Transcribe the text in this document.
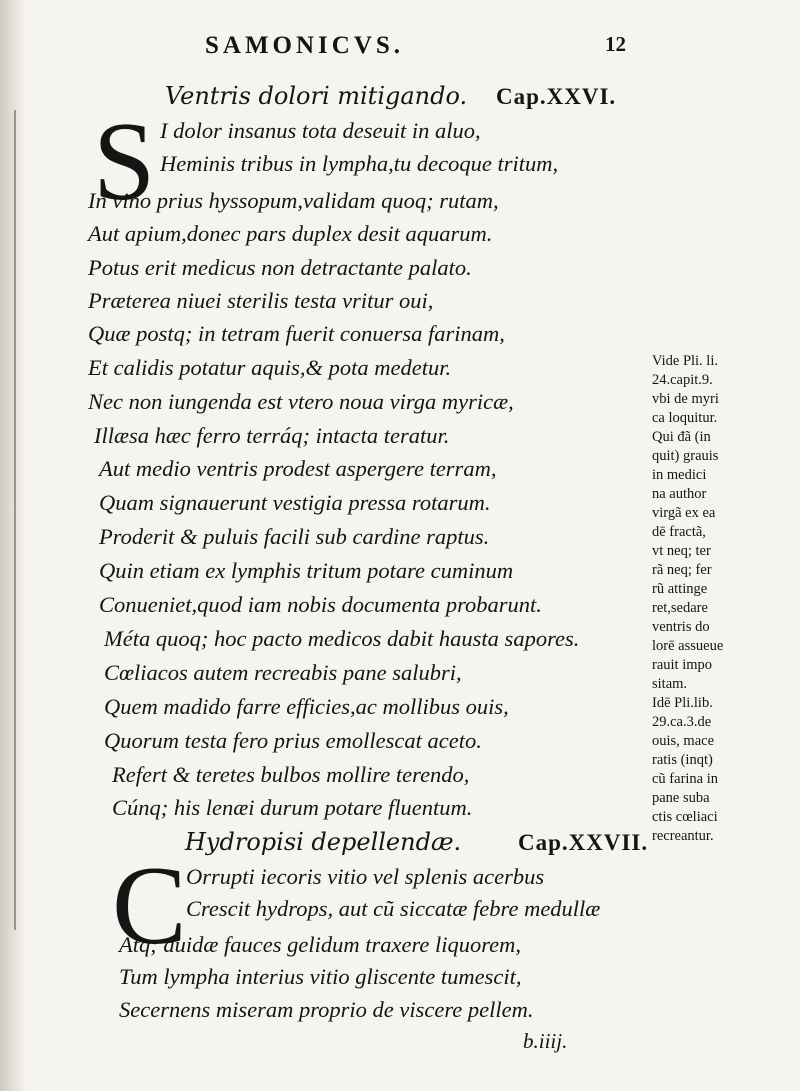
SAMONICVS.	12
Ventris dolori mitigando. Cap.XXVI.
S I dolor insanus tota deseuit in aluo,
Heminis tribus in lympha,tu decoque tritum,
In vino prius hyssopum,validam quoq; rutam,
Aut apium,donec pars duplex desit aquarum.
Potus erit medicus non detractante palato.
Præterea niuei sterilis testa vritur oui,
Quæ postq; in tetram fuerit conuersa farinam,
Et calidis potatur aquis,& pota medetur.
Nec non iungenda est vtero noua virga myricæ,
Illæsa hæc ferro terráq; intacta teratur.
Aut medio ventris prodest aspergere terram,
Quam signauerunt vestigia pressa rotarum.
Proderit & puluis facili sub cardine raptus.
Quin etiam ex lymphis tritum potare cuminum
Conueniet,quod iam nobis documenta probarunt.
Méta quoq; hoc pacto medicos dabit hausta sapores.
Cœliacos autem recreabis pane salubri,
Quem madido farre efficies,ac mollibus ouis,
Quorum testa fero prius emollescat aceto.
Refert & teretes bulbos mollire terendo,
Cúnq; his lenæi durum potare fluentum.
Hydropisi depellendæ. Cap.XXVII.
C Orrupti iecoris vitio vel splenis acerbus
Crescit hydrops, aut cũ siccatæ febre medullæ
Atq; auidæ fauces gelidum traxere liquorem,
Tum lympha interius vitio gliscente tumescit,
Secernens miseram proprio de viscere pellem.
Vide Pli. li.
24.capit.9.
vbi de myri
ca loquitur.
Qui đã (in
quit) grauis
in medici
na author
virgã ex ea
dē fractã,
vt neq; ter
rã neq; fer
rũ attinge
ret,sedare
ventris do
lorē assueue
rauit impo
sitam.
Idē Pli.lib.
29.ca.3.de
ouis, mace
ratis (inqt)
cũ farina in
pane suba
ctis cœliaci
recreantur.
b.iiij.
